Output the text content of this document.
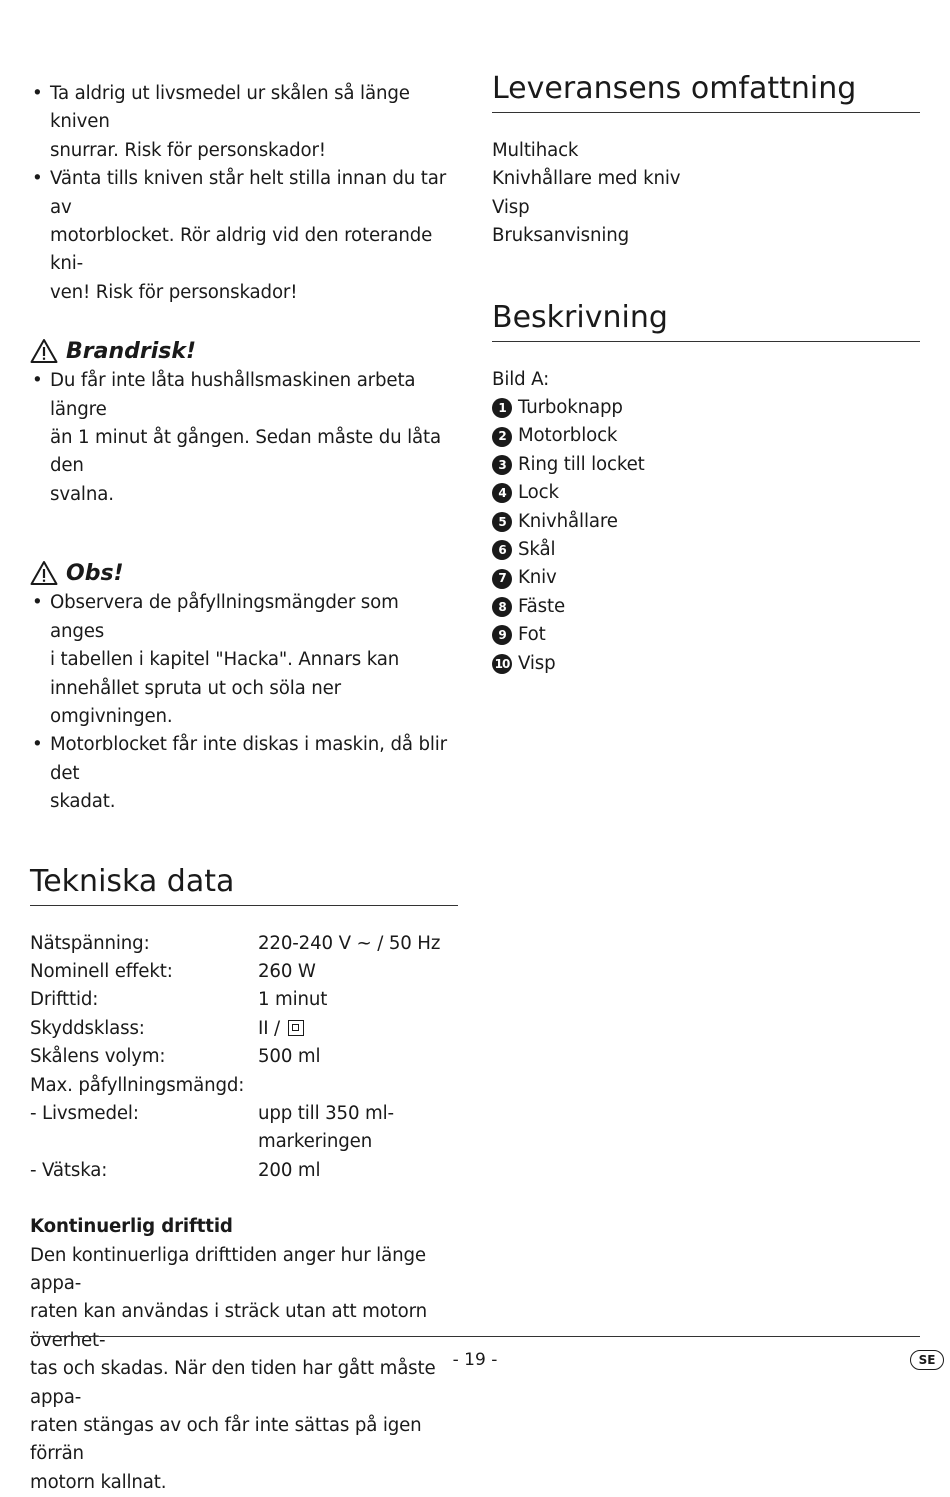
• Ta aldrig ut livsmedel ur skålen så länge kniven
snurrar. Risk för personskador!
• Vänta tills kniven står helt stilla innan du tar av
motorblocket. Rör aldrig vid den roterande kni-
ven! Risk för personskador!
Brandrisk!
• Du får inte låta hushållsmaskinen arbeta längre
än 1 minut åt gången. Sedan måste du låta den
svalna.
Obs!
• Observera de påfyllningsmängder som anges
i tabellen i kapitel "Hacka". Annars kan
innehållet spruta ut och söla ner omgivningen.
• Motorblocket får inte diskas i maskin, då blir det
skadat.
Tekniska data
Nätspänning:	220-240 V ~ / 50 Hz
Nominell effekt:	260 W
Drifttid:	1 minut
Skyddsklass:	II /
Skålens volym:	500 ml
Max. påfyllningsmängd:
- Livsmedel:	upp till 350 ml-
markeringen
- Vätska:	200 ml
Kontinuerlig drifttid
Den kontinuerliga drifttiden anger hur länge appa-
raten kan användas i sträck utan att motorn överhet-
tas och skadas. När den tiden har gått måste appa-
raten stängas av och får inte sättas på igen förrän
motorn kallnat.
Leveransens omfattning
Multihack
Knivhållare med kniv
Visp
Bruksanvisning
Beskrivning
Bild A:
1 Turboknapp
2 Motorblock
3 Ring till locket
4 Lock
5 Knivhållare
6 Skål
7 Kniv
8 Fäste
9 Fot
10 Visp
- 19 -	SE
